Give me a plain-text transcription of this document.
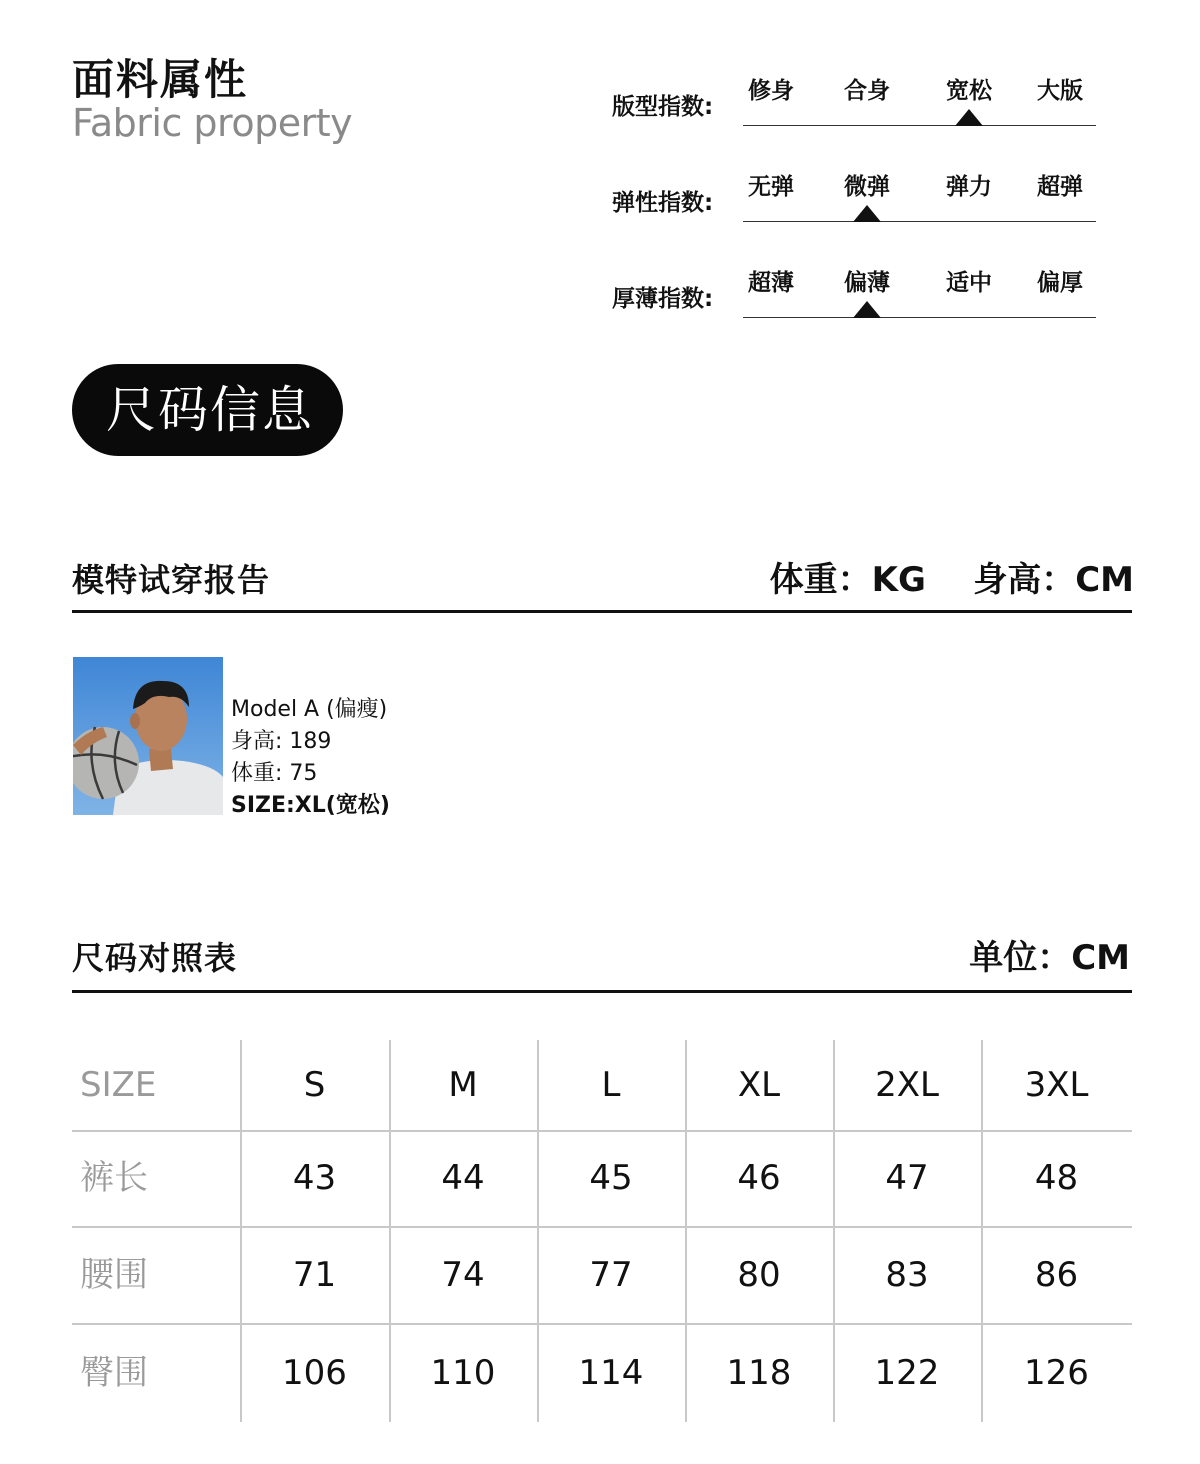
面料属性
Fabric property	版型指数:
修身	合身	宽松	大版
弹性指数:
无弹	微弹	弹力	超弹
厚薄指数:
超薄	偏薄	适中	偏厚
尺码信息
模特试穿报告	体重：KG    身高：CM
Model A (偏瘦)
身高: 189
体重: 75
SIZE:XL(宽松)
尺码对照表	单位：CM
SIZE	S	M	L	XL	2XL	3XL
裤长	43	44	45	46	47	48
腰围	71	74	77	80	83	86
臀围	106	110	114	118	122	126
